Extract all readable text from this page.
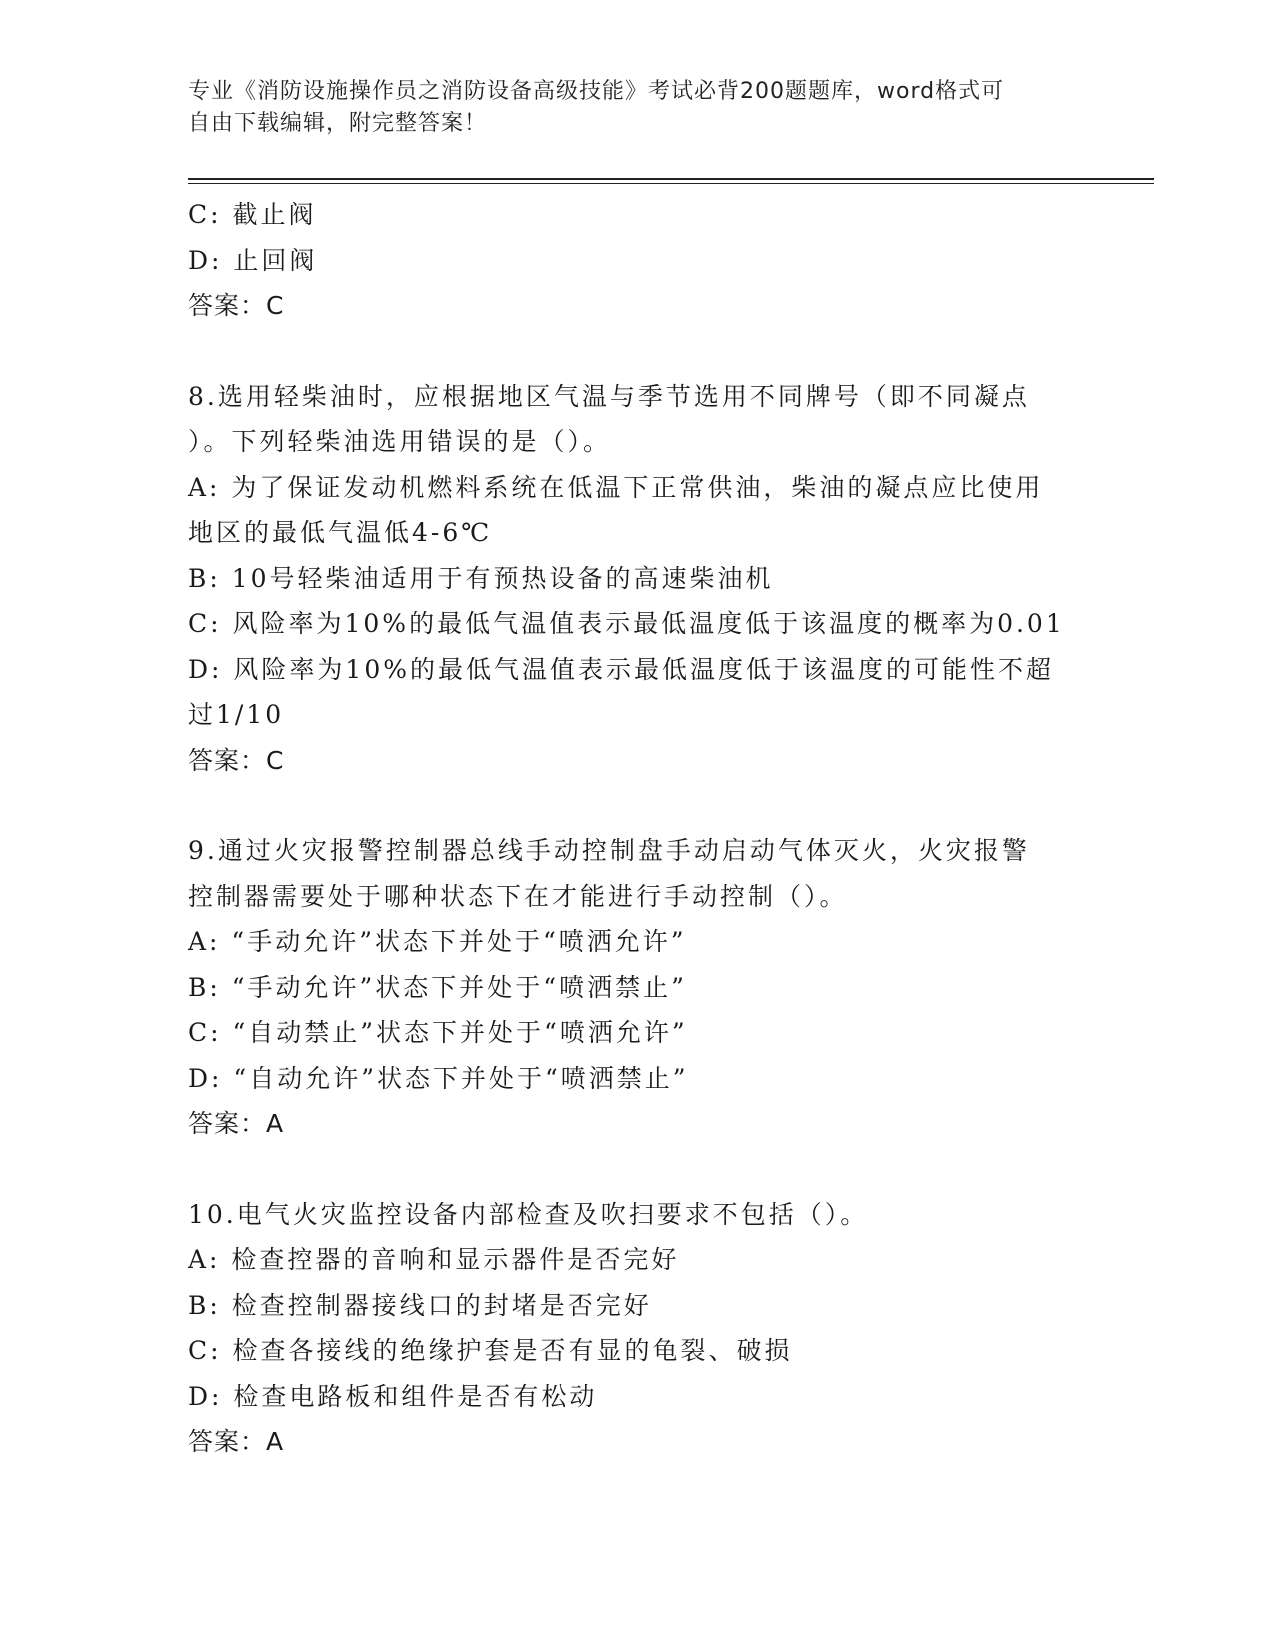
专业《消防设施操作员之消防设备高级技能》考试必背200题题库，word格式可
自由下载编辑，附完整答案！
C: 截止阀
D: 止回阀
答案：C
8.选用轻柴油时，应根据地区气温与季节选用不同牌号（即不同凝点
）。下列轻柴油选用错误的是（）。
A: 为了保证发动机燃料系统在低温下正常供油，柴油的凝点应比使用
地区的最低气温低4-6℃
B: 10号轻柴油适用于有预热设备的高速柴油机
C: 风险率为10%的最低气温值表示最低温度低于该温度的概率为0.01
D: 风险率为10%的最低气温值表示最低温度低于该温度的可能性不超
过1/10
答案：C
9.通过火灾报警控制器总线手动控制盘手动启动气体灭火，火灾报警
控制器需要处于哪种状态下在才能进行手动控制（）。
A: “手动允许”状态下并处于“喷洒允许”
B: “手动允许”状态下并处于“喷洒禁止”
C: “自动禁止”状态下并处于“喷洒允许”
D: “自动允许”状态下并处于“喷洒禁止”
答案：A
10.电气火灾监控设备内部检查及吹扫要求不包括（）。
A: 检查控器的音响和显示器件是否完好
B: 检查控制器接线口的封堵是否完好
C: 检查各接线的绝缘护套是否有显的龟裂、破损
D: 检查电路板和组件是否有松动
答案：A
